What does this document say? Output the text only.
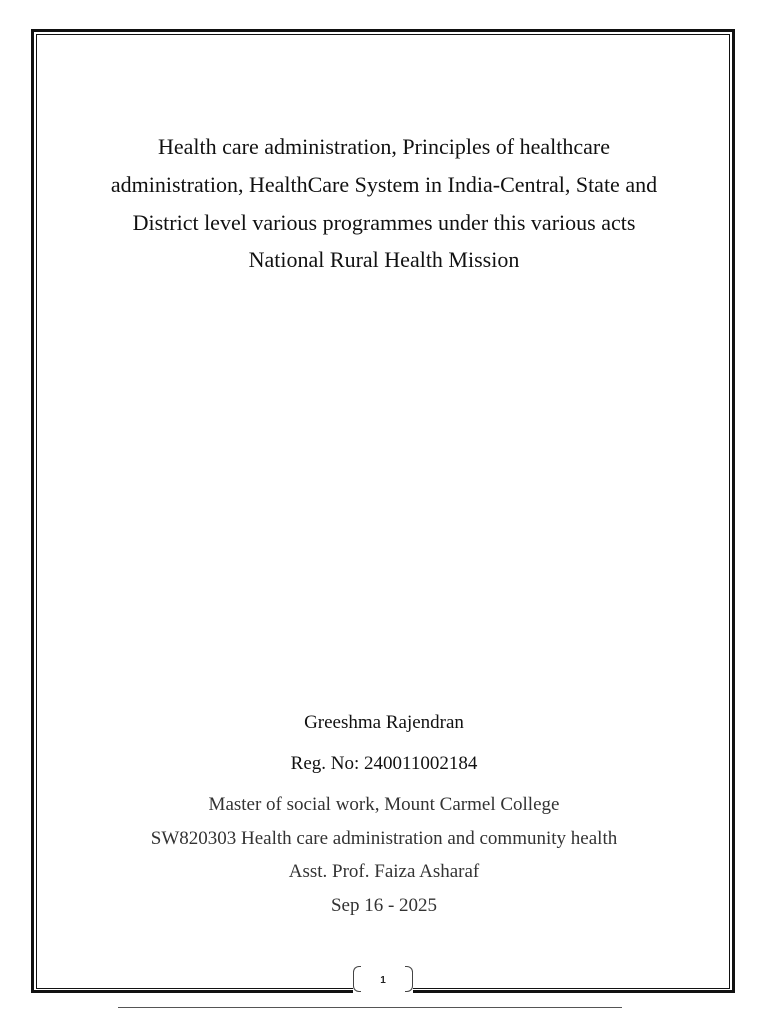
Health care administration, Principles of healthcare
administration, HealthCare System in India-Central, State and
District level various programmes under this various acts
National Rural Health Mission
Greeshma Rajendran
Reg. No: 240011002184
Master of social work, Mount Carmel College
SW820303 Health care administration and community health
Asst. Prof. Faiza Asharaf
Sep 16 - 2025
1
